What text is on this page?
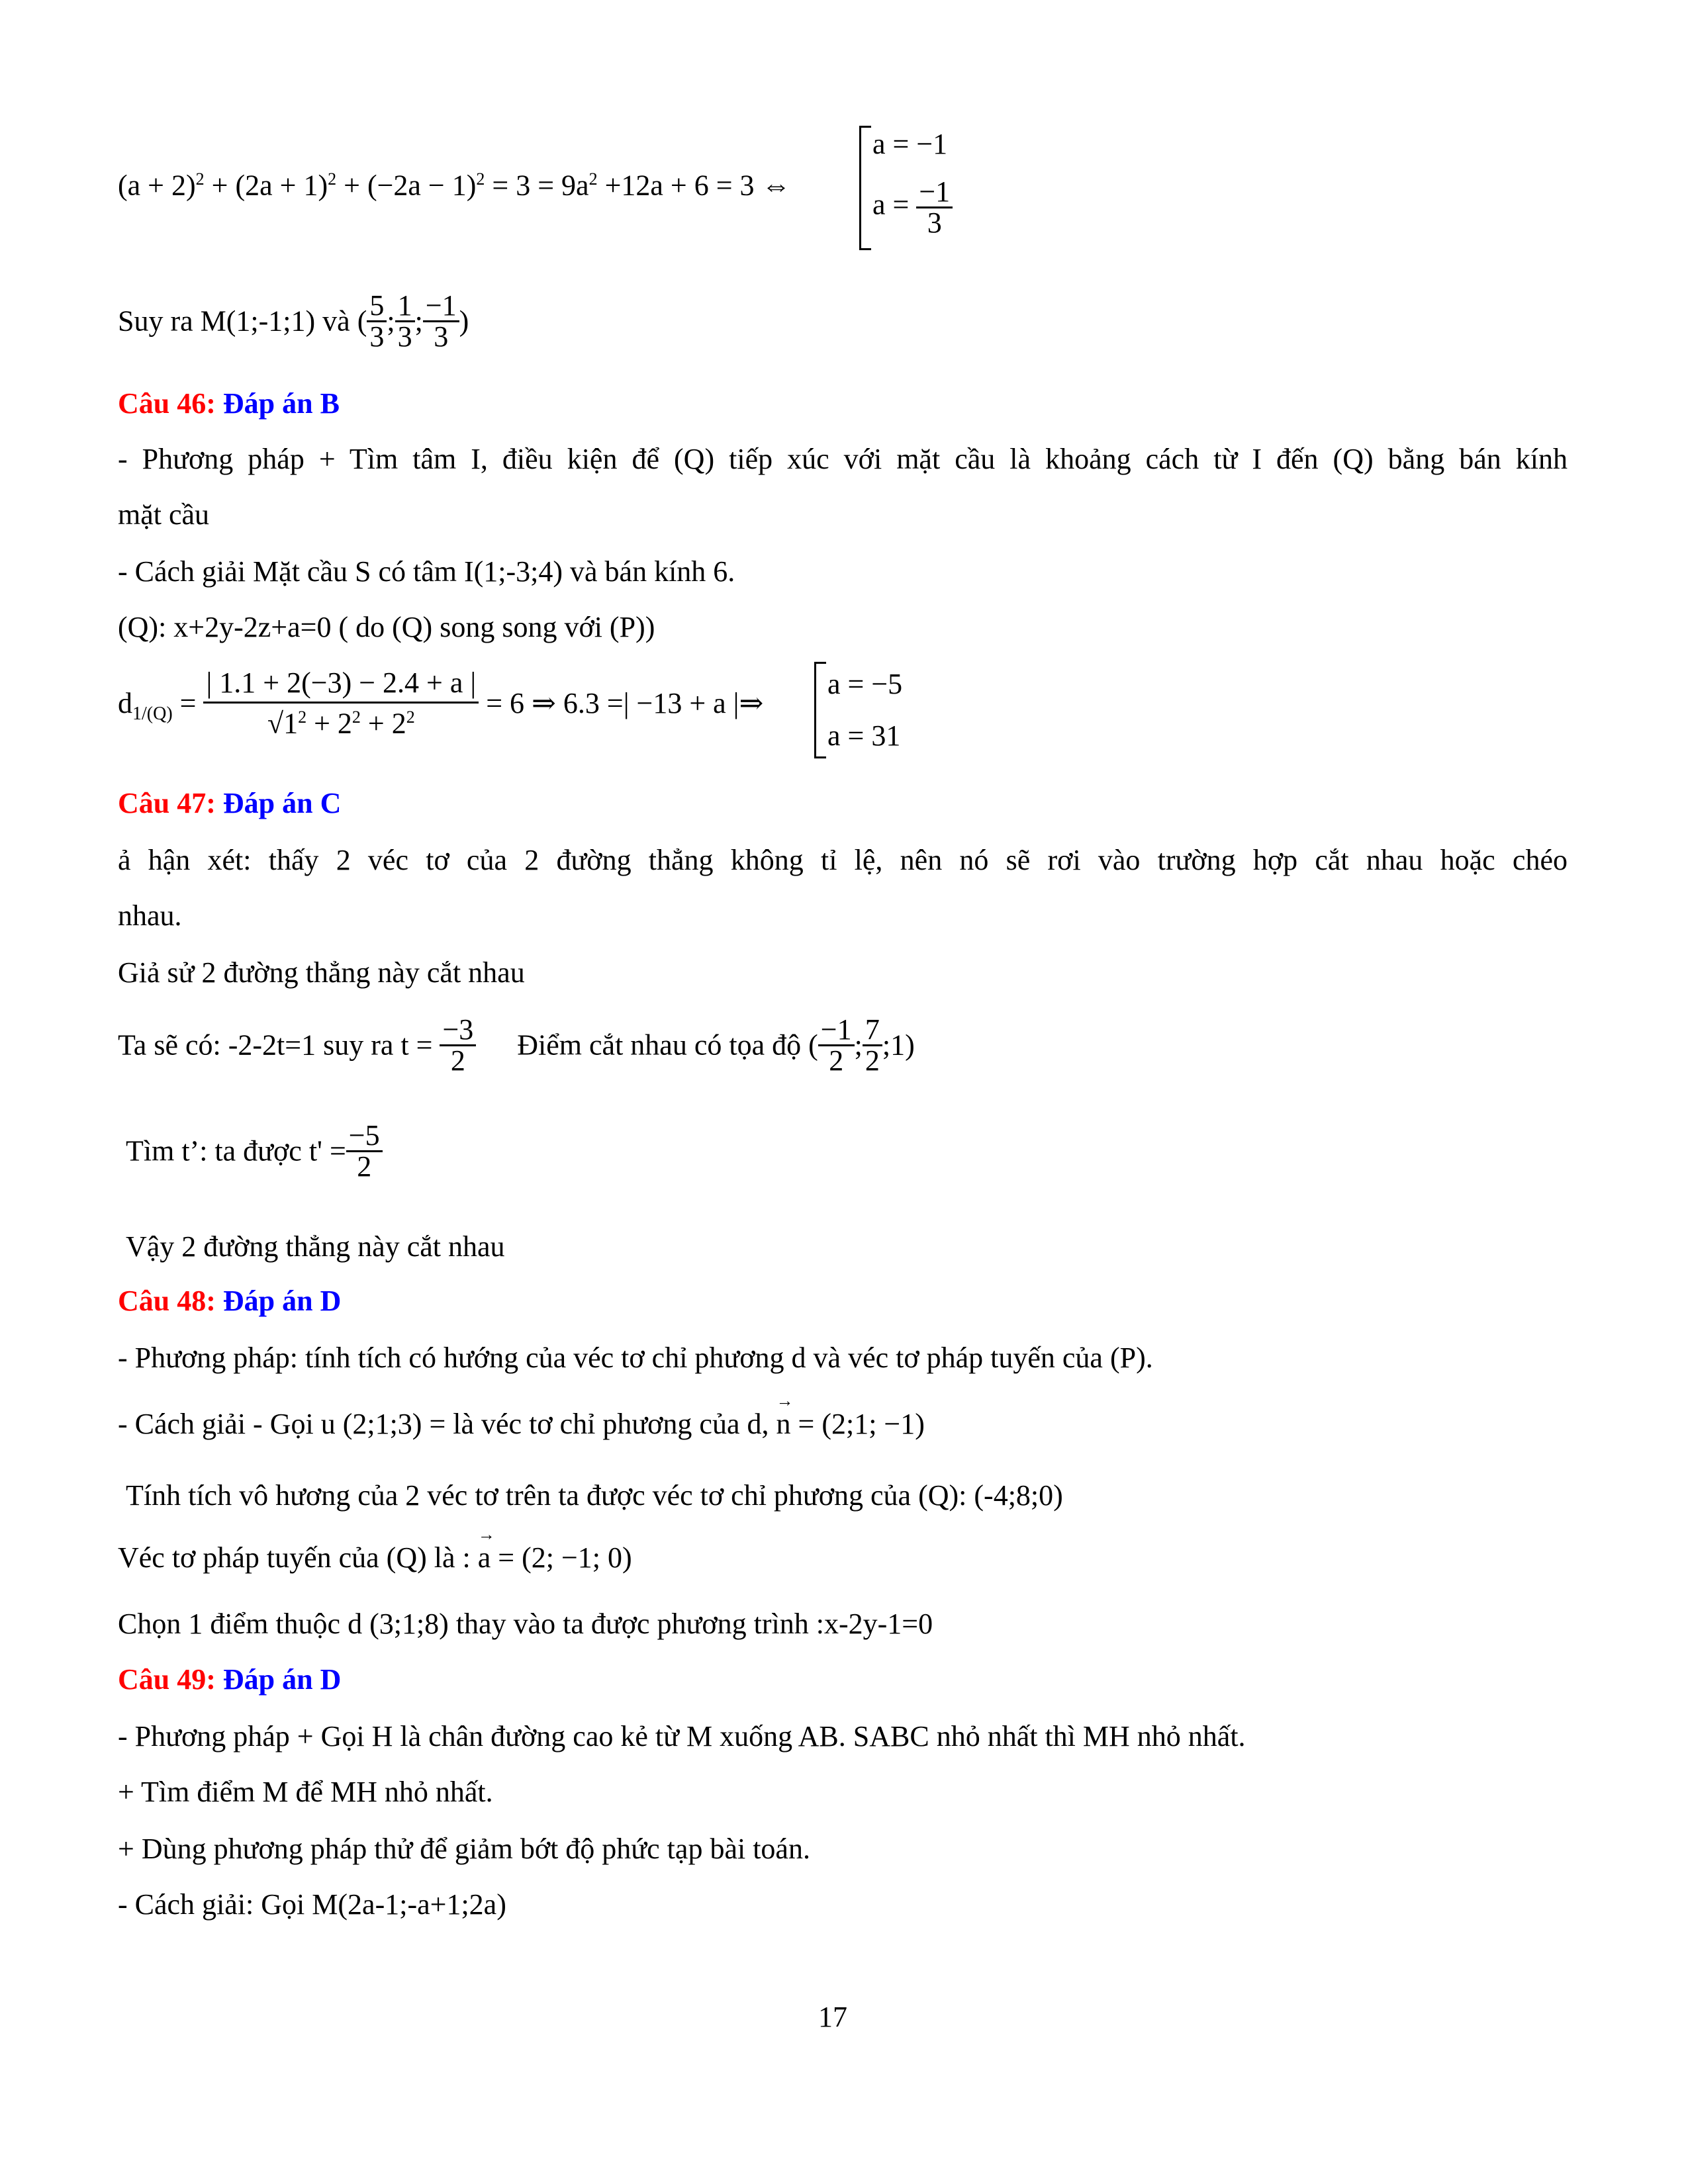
$(a + 2)^2 + (2a + 1)^2 + (-2a - 1)^2 = 3 = 9a^2 +12a + 6 = 3$ ⇔
a = −1
$a = \frac{-1}{3}$
Suy ra M(1;-1;1) và ( $\frac{5}{3}$ ; $\frac{1}{3}$ ; $\frac{-1}{3}$ )
Câu 46: Đáp án B
- Phương pháp + Tìm tâm I, điều kiện để (Q) tiếp xúc với mặt cầu là khoảng cách từ I đến (Q) bằng bán kính
mặt cầu
- Cách giải Mặt cầu S có tâm I(1;-3;4) và bán kính 6.
(Q): x+2y-2z+a=0 ( do (Q) song song với (P))
$d_{1/(Q)} = \frac{| 1.1 + 2(-3) - 2.4 + a |}{√1^2 + 2^2 + 2^2} = 6$ ⇒ 6.3 =| −13 + a |⇒
a = −5
a = 31
Câu 47: Đáp án C
ả hận xét: thấy 2 véc tơ của 2 đường thẳng không tỉ lệ, nên nó sẽ rơi vào trường hợp cắt nhau hoặc chéo
nhau.
Giả sử 2 đường thẳng này cắt nhau
Ta sẽ có: -2-2t=1 suy ra $t = \frac{-3}{2}$ Điểm cắt nhau có tọa độ ( $\frac{-1}{2}$ ; $\frac{7}{2}$ ;1)
Tìm t’: ta được $t' = \frac{-5}{2}$
Vậy 2 đường thẳng này cắt nhau
Câu 48: Đáp án D
- Phương pháp: tính tích có hướng của véc tơ chỉ phương d và véc tơ pháp tuyến của (P).
- Cách giải - Gọi u (2;1;3) = là véc tơ chỉ phương của d, → n = (2;1; −1)
Tính tích vô hương của 2 véc tơ trên ta được véc tơ chỉ phương của (Q): (-4;8;0)
Véc tơ pháp tuyến của (Q) là : → a = (2; −1; 0)
Chọn 1 điểm thuộc d (3;1;8) thay vào ta được phương trình :x-2y-1=0
Câu 49: Đáp án D
- Phương pháp + Gọi H là chân đường cao kẻ từ M xuống AB. SABC nhỏ nhất thì MH nhỏ nhất.
+ Tìm điểm M để MH nhỏ nhất.
+ Dùng phương pháp thử để giảm bớt độ phức tạp bài toán.
- Cách giải: Gọi M(2a-1;-a+1;2a)
17
